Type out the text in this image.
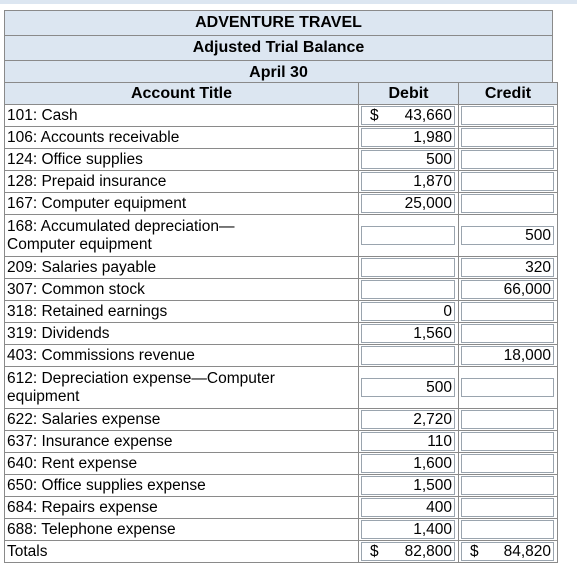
ADVENTURE TRAVEL
Adjusted Trial Balance
April 30
Account Title	Debit	Credit
101: Cash	$ 43,660	

106: Accounts receivable	1,980	

124: Office supplies	500	

128: Prepaid insurance	1,870	

167: Computer equipment	25,000	

168: Accumulated depreciation—
Computer equipment		500

209: Salaries payable		320

307: Common stock		66,000

318: Retained earnings	0	

319: Dividends	1,560	

403: Commissions revenue		18,000

612: Depreciation expense—Computer
equipment	500	

622: Salaries expense	2,720	

637: Insurance expense	110	

640: Rent expense	1,600	

650: Office supplies expense	1,500	

684: Repairs expense	400	

688: Telephone expense	1,400	

Totals	$ 82,800	$ 84,820
